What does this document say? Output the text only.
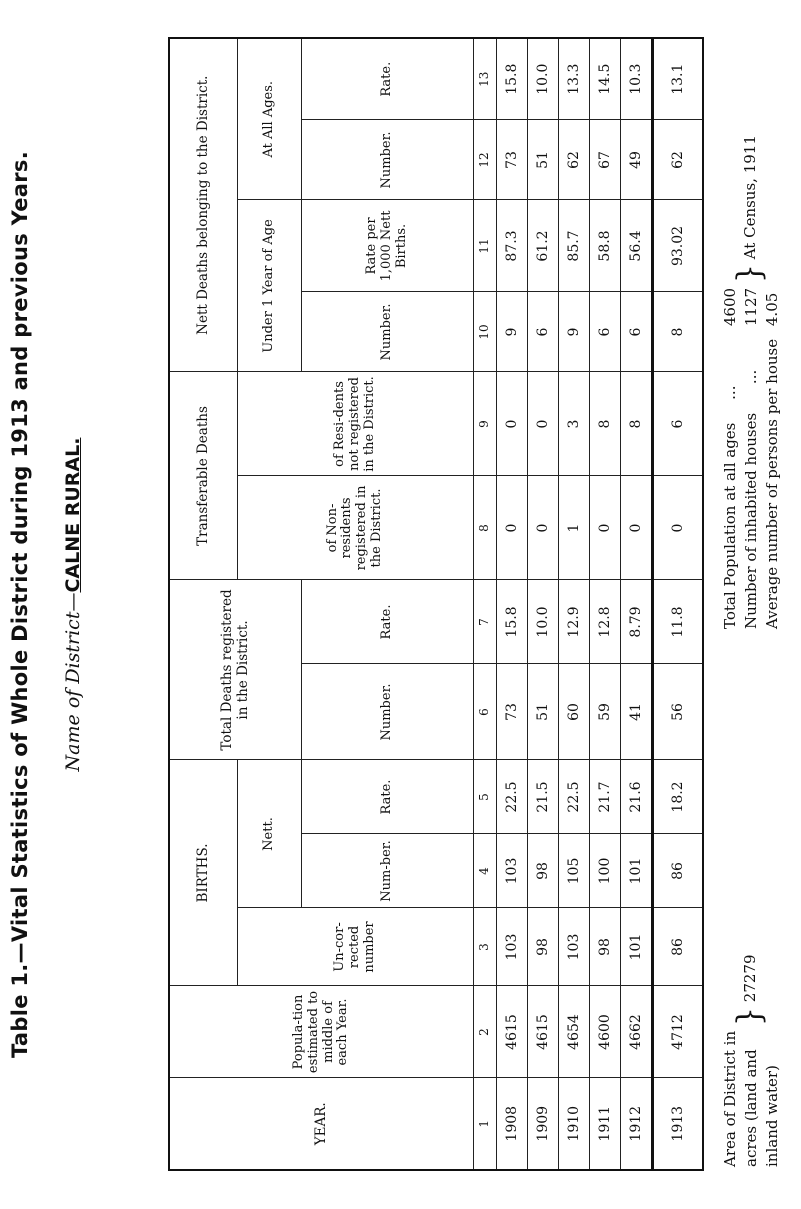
Table 1.—Vital Statistics of Whole District during 1913 and previous Years. Name of District—CALNE RURAL.
YEAR.	Popula-tion estimated to middle of each Year.	BIRTHS.			Total Deaths registered in the District.		Transferable Deaths		Nett Deaths belonging to the District.			
		Un-cor-rected number	Nett.				of Non-residents registered in the District.	of Resi-dents not registered in the District.	Under 1 Year of Age		At All Ages.	
			Num-ber.	Rate.	Number.	Rate.			Number.	Rate per 1,000 Nett Births.	Number.	Rate.
1	2	3	4	5	6	7	8	9	10	11	12	13
1908	4615	103	103	22.5	73	15.8	0	0	9	87.3	73	15.8
1909	4615	98	98	21.5	51	10.0	0	0	6	61.2	51	10.0
1910	4654	103	105	22.5	60	12.9	1	3	9	85.7	62	13.3
1911	4600	98	100	21.7	59	12.8	0	8	6	58.8	67	14.5
1912	4662	101	101	21.6	41	8.79	0	8	6	56.4	49	10.3
1913	4712	86	86	18.2	56	11.8	0	6	8	93.02	62	13.1
Area of District in acres (land and inland water)
} 27279
Total Population at all ages ...
Number of inhabited houses ... Average number of persons per house

4600 1127 4.05
} At Census, 1911
